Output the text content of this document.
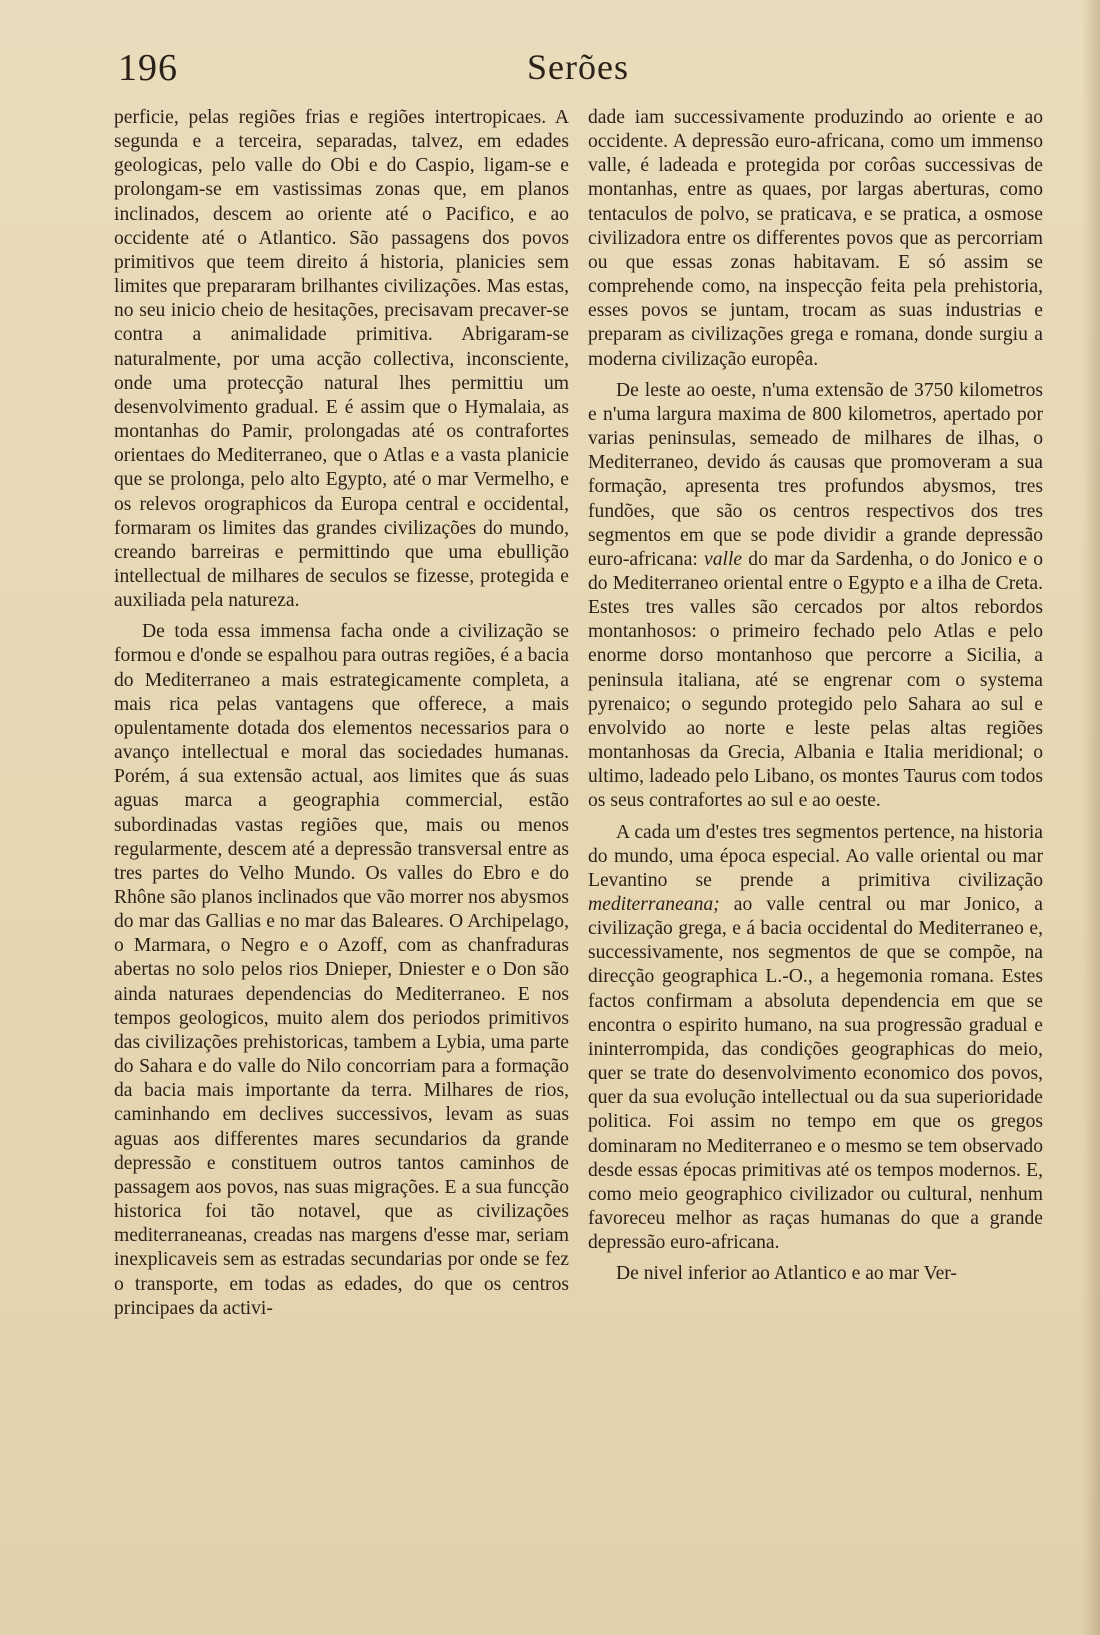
Serões
196

perficie, pelas regiões frias e regiões intertropicaes. A segunda e a terceira, separadas, talvez, em edades geologicas, pelo valle do Obi e do Caspio, ligam-se e prolongam-se em vastissimas zonas que, em planos inclinados, descem ao oriente até o Pacifico, e ao occidente até o Atlantico. São passagens dos povos primitivos que teem direito á historia, planicies sem limites que prepararam brilhantes civilizações. Mas estas, no seu inicio cheio de hesitações, precisavam precaver-se contra a animalidade primitiva. Abrigaram-se naturalmente, por uma acção collectiva, inconsciente, onde uma protecção natural lhes permittiu um desenvolvimento gradual. E é assim que o Hymalaia, as montanhas do Pamir, prolongadas até os contrafortes orientaes do Mediterraneo, que o Atlas e a vasta planicie que se prolonga, pelo alto Egypto, até o mar Vermelho, e os relevos orographicos da Europa central e occidental, formaram os limites das grandes civilizações do mundo, creando barreiras e permittindo que uma ebullição intellectual de milhares de seculos se fizesse, protegida e auxiliada pela natureza.

De toda essa immensa facha onde a civilização se formou e d'onde se espalhou para outras regiões, é a bacia do Mediterraneo a mais estrategicamente completa, a mais rica pelas vantagens que offerece, a mais opulentamente dotada dos elementos necessarios para o avanço intellectual e moral das sociedades humanas. Porém, á sua extensão actual, aos limites que ás suas aguas marca a geographia commercial, estão subordinadas vastas regiões que, mais ou menos regularmente, descem até a depressão transversal entre as tres partes do Velho Mundo. Os valles do Ebro e do Rhône são planos inclinados que vão morrer nos abysmos do mar das Gallias e no mar das Baleares. O Archipelago, o Marmara, o Negro e o Azoff, com as chanfraduras abertas no solo pelos rios Dnieper, Dniester e o Don são ainda naturaes dependencias do Mediterraneo. E nos tempos geologicos, muito alem dos periodos primitivos das civilizações prehistoricas, tambem a Lybia, uma parte do Sahara e do valle do Nilo concorriam para a formação da bacia mais importante da terra. Milhares de rios, caminhando em declives successivos, levam as suas aguas aos differentes mares secundarios da grande depressão e constituem outros tantos caminhos de passagem aos povos, nas suas migrações. E a sua funcção historica foi tão notavel, que as civilizações mediterraneanas, creadas nas margens d'esse mar, seriam inexplicaveis sem as estradas secundarias por onde se fez o transporte, em todas as edades, do que os centros principaes da activi-

dade iam successivamente produzindo ao oriente e ao occidente. A depressão euro-africana, como um immenso valle, é ladeada e protegida por corôas successivas de montanhas, entre as quaes, por largas aberturas, como tentaculos de polvo, se praticava, e se pratica, a osmose civilizadora entre os differentes povos que as percorriam ou que essas zonas habitavam. E só assim se comprehende como, na inspecção feita pela prehistoria, esses povos se juntam, trocam as suas industrias e preparam as civilizações grega e romana, donde surgiu a moderna civilização europêa.

De leste ao oeste, n'uma extensão de 3750 kilometros e n'uma largura maxima de 800 kilometros, apertado por varias peninsulas, semeado de milhares de ilhas, o Mediterraneo, devido ás causas que promoveram a sua formação, apresenta tres profundos abysmos, tres fundões, que são os centros respectivos dos tres segmentos em que se pode dividir a grande depressão euro-africana: valle do mar da Sardenha, o do Jonico e o do Mediterraneo oriental entre o Egypto e a ilha de Creta. Estes tres valles são cercados por altos rebordos montanhosos: o primeiro fechado pelo Atlas e pelo enorme dorso montanhoso que percorre a Sicilia, a peninsula italiana, até se engrenar com o systema pyrenaico; o segundo protegido pelo Sahara ao sul e envolvido ao norte e leste pelas altas regiões montanhosas da Grecia, Albania e Italia meridional; o ultimo, ladeado pelo Libano, os montes Taurus com todos os seus contrafortes ao sul e ao oeste.

A cada um d'estes tres segmentos pertence, na historia do mundo, uma época especial. Ao valle oriental ou mar Levantino se prende a primitiva civilização mediterraneana; ao valle central ou mar Jonico, a civilização grega, e á bacia occidental do Mediterraneo e, successivamente, nos segmentos de que se compõe, na direcção geographica L.-O., a hegemonia romana. Estes factos confirmam a absoluta dependencia em que se encontra o espirito humano, na sua progressão gradual e ininterrompida, das condições geographicas do meio, quer se trate do desenvolvimento economico dos povos, quer da sua evolução intellectual ou da sua superioridade politica. Foi assim no tempo em que os gregos dominaram no Mediterraneo e o mesmo se tem observado desde essas épocas primitivas até os tempos modernos. E, como meio geographico civilizador ou cultural, nenhum favoreceu melhor as raças humanas do que a grande depressão euro-africana.

De nivel inferior ao Atlantico e ao mar Ver-
